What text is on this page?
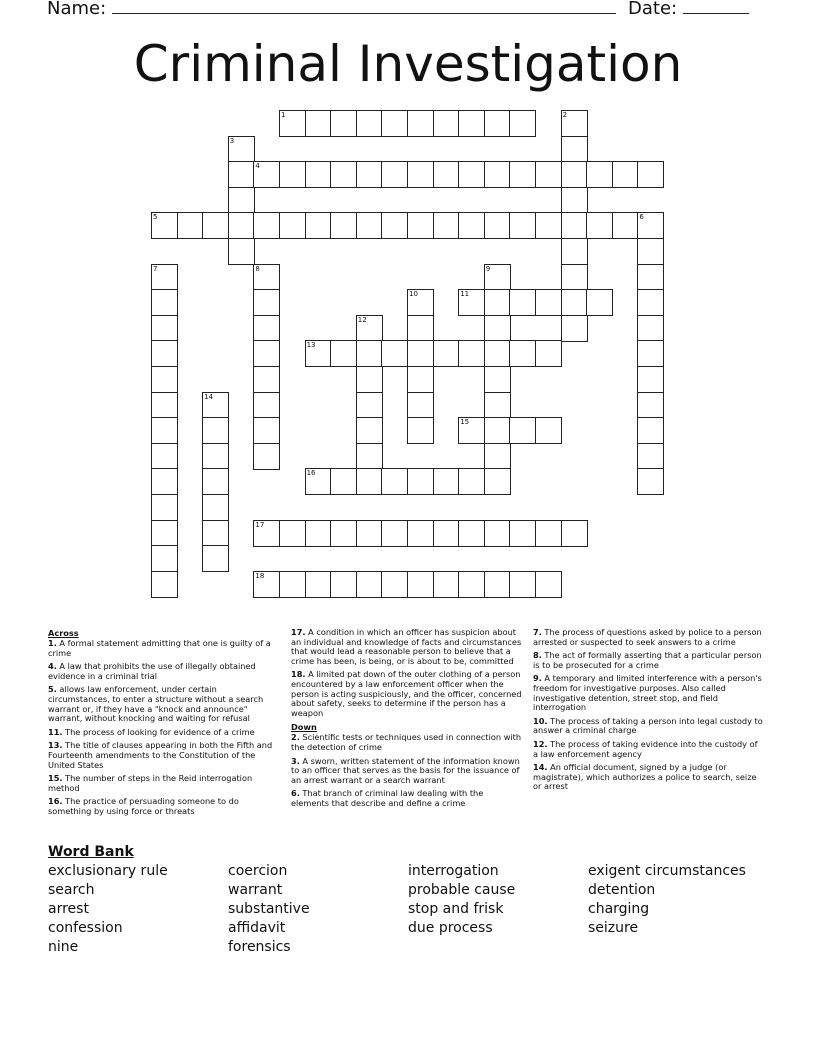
Name:	Date:
Criminal Investigation
1	2
3
4
5	6
7	8	9
10	11
12
13
14
15
16
17
18
Across
1. A formal statement admitting that one is guilty of a crime
4. A law that prohibits the use of illegally obtained evidence in a criminal trial
5. allows law enforcement, under certain circumstances, to enter a structure without a search warrant or, if they have a "knock and announce" warrant, without knocking and waiting for refusal
11. The process of looking for evidence of a crime
13. The title of clauses appearing in both the Fifth and Fourteenth amendments to the Constitution of the United States
15. The number of steps in the Reid interrogation method
16. The practice of persuading someone to do something by using force or threats
17. A condition in which an officer has suspicion about an individual and knowledge of facts and circumstances that would lead a reasonable person to believe that a crime has been, is being, or is about to be, committed
18. A limited pat down of the outer clothing of a person encountered by a law enforcement officer when the person is acting suspiciously, and the officer, concerned about safety, seeks to determine if the person has a weapon
Down
2. Scientific tests or techniques used in connection with the detection of crime
3. A sworn, written statement of the information known to an officer that serves as the basis for the issuance of an arrest warrant or a search warrant
6. That branch of criminal law dealing with the elements that describe and define a crime
7. The process of questions asked by police to a person arrested or suspected to seek answers to a crime
8. The act of formally asserting that a particular person is to be prosecuted for a crime
9. A temporary and limited interference with a person's freedom for investigative purposes. Also called investigative detention, street stop, and field interrogation
10. The process of taking a person into legal custody to answer a criminal charge
12. The process of taking evidence into the custody of a law enforcement agency
14. An official document, signed by a judge (or magistrate), which authorizes a police to search, seize or arrest
Word Bank
exclusionary rule
search
arrest
confession
nine
coercion
warrant
substantive
affidavit
forensics
interrogation
probable cause
stop and frisk
due process
exigent circumstances
detention
charging
seizure
